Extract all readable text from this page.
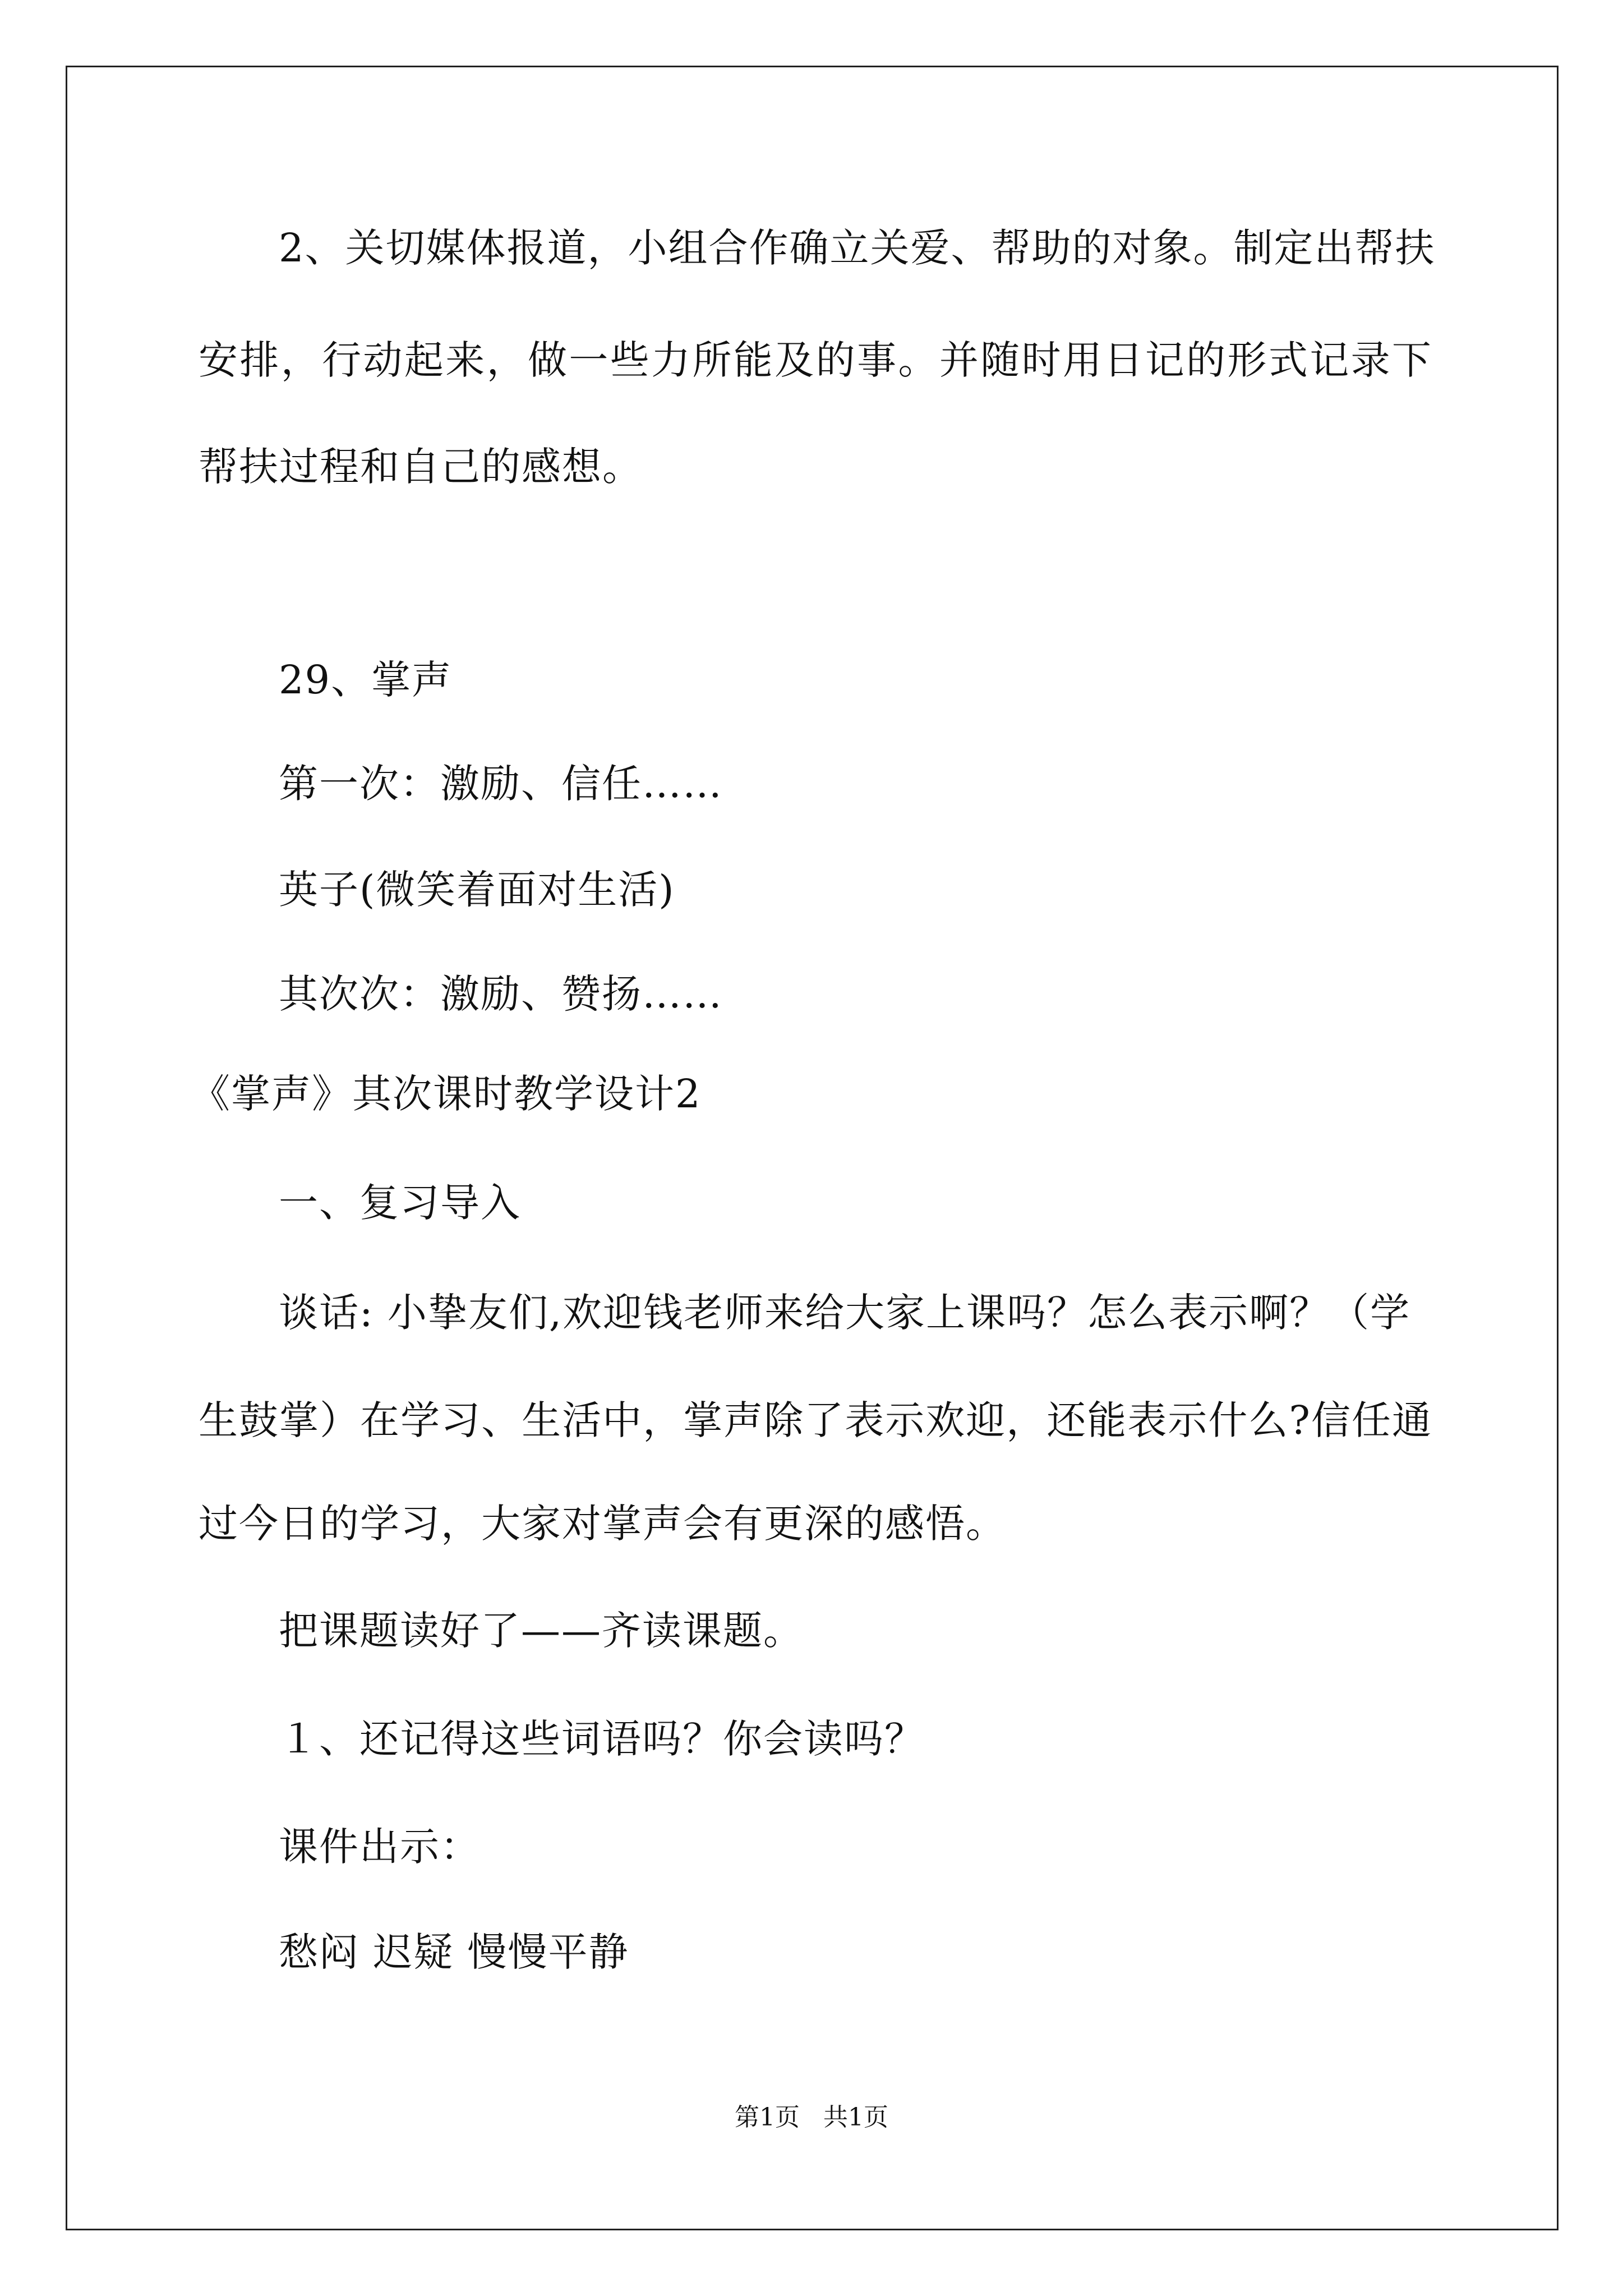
2、关切媒体报道，小组合作确立关爱、帮助的对象。制定出帮扶
安排，行动起来，做一些力所能及的事。并随时用日记的形式记录下
帮扶过程和自己的感想。
29、掌声
第一次：激励、信任……
英子(微笑着面对生活)
其次次：激励、赞扬……
《掌声》其次课时教学设计2
一、复习导入
谈话: 小挚友们,欢迎钱老师来给大家上课吗？怎么表示啊？（学
生鼓掌）在学习、生活中，掌声除了表示欢迎，还能表示什么?信任通
过今日的学习，大家对掌声会有更深的感悟。
把课题读好了——齐读课题。
１、还记得这些词语吗？你会读吗？
课件出示：
愁闷 迟疑 慢慢平静
第1页   共1页
